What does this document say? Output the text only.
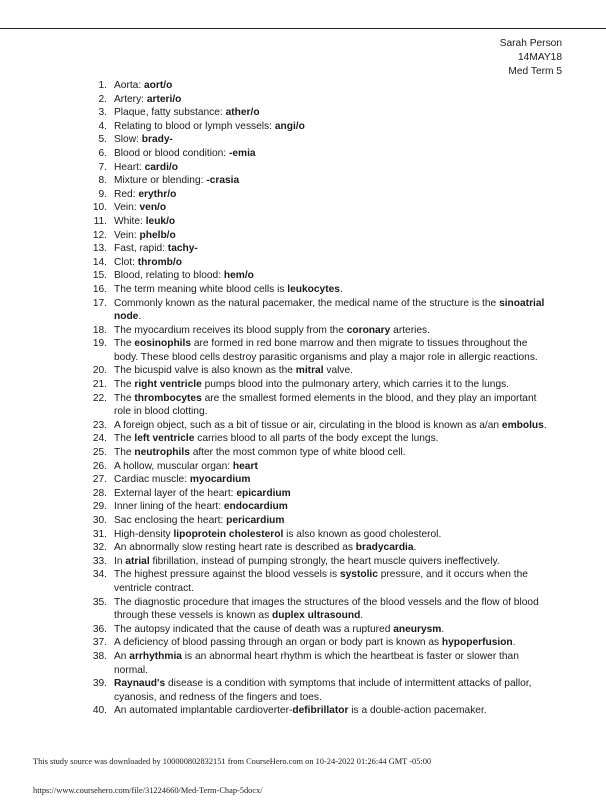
Sarah Person
14MAY18
Med Term 5
1. Aorta: aort/o
2. Artery: arteri/o
3. Plaque, fatty substance: ather/o
4. Relating to blood or lymph vessels: angi/o
5. Slow: brady-
6. Blood or blood condition: -emia
7. Heart: cardi/o
8. Mixture or blending: -crasia
9. Red: erythr/o
10. Vein: ven/o
11. White: leuk/o
12. Vein: phelb/o
13. Fast, rapid: tachy-
14. Clot: thromb/o
15. Blood, relating to blood: hem/o
16. The term meaning white blood cells is leukocytes.
17. Commonly known as the natural pacemaker, the medical name of the structure is the sinoatrial node.
18. The myocardium receives its blood supply from the coronary arteries.
19. The eosinophils are formed in red bone marrow and then migrate to tissues throughout the body. These blood cells destroy parasitic organisms and play a major role in allergic reactions.
20. The bicuspid valve is also known as the mitral valve.
21. The right ventricle pumps blood into the pulmonary artery, which carries it to the lungs.
22. The thrombocytes are the smallest formed elements in the blood, and they play an important role in blood clotting.
23. A foreign object, such as a bit of tissue or air, circulating in the blood is known as a/an embolus.
24. The left ventricle carries blood to all parts of the body except the lungs.
25. The neutrophils after the most common type of white blood cell.
26. A hollow, muscular organ: heart
27. Cardiac muscle: myocardium
28. External layer of the heart: epicardium
29. Inner lining of the heart: endocardium
30. Sac enclosing the heart: pericardium
31. High-density lipoprotein cholesterol is also known as good cholesterol.
32. An abnormally slow resting heart rate is described as bradycardia.
33. In atrial fibrillation, instead of pumping strongly, the heart muscle quivers ineffectively.
34. The highest pressure against the blood vessels is systolic pressure, and it occurs when the ventricle contract.
35. The diagnostic procedure that images the structures of the blood vessels and the flow of blood through these vessels is known as duplex ultrasound.
36. The autopsy indicated that the cause of death was a ruptured aneurysm.
37. A deficiency of blood passing through an organ or body part is known as hypoperfusion.
38. An arrhythmia is an abnormal heart rhythm is which the heartbeat is faster or slower than normal.
39. Raynaud's disease is a condition with symptoms that include of intermittent attacks of pallor, cyanosis, and redness of the fingers and toes.
40. An automated implantable cardioverter-defibrillator is a double-action pacemaker.
This study source was downloaded by 100000802832151 from CourseHero.com on 10-24-2022 01:26:44 GMT -05:00
https://www.coursehero.com/file/31224660/Med-Term-Chap-5docx/
